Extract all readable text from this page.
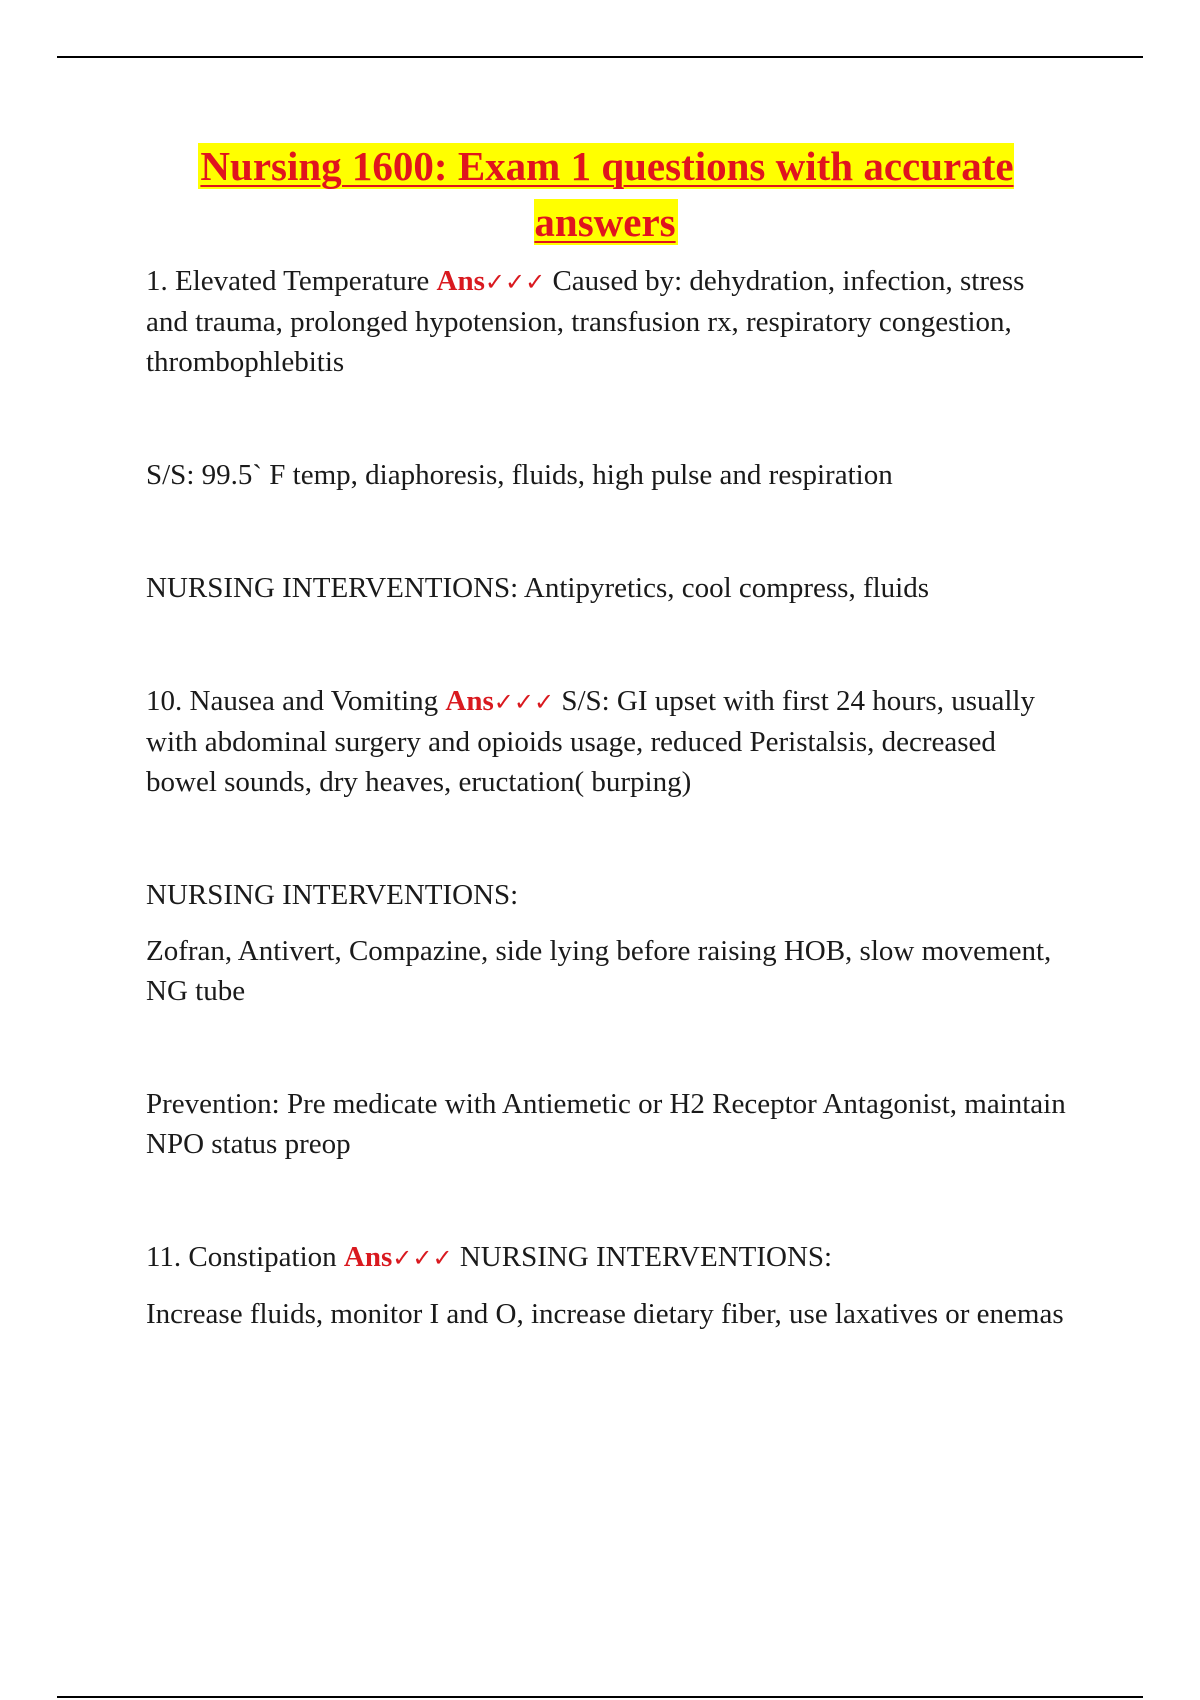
Nursing 1600: Exam 1 questions with accurate answers

1. Elevated Temperature Ans✓✓✓ Caused by: dehydration, infection, stress and trauma, prolonged hypotension, transfusion rx, respiratory congestion, thrombophlebitis

S/S: 99.5` F temp, diaphoresis, fluids, high pulse and respiration

NURSING INTERVENTIONS: Antipyretics, cool compress, fluids

10. Nausea and Vomiting Ans✓✓✓ S/S: GI upset with first 24 hours, usually with abdominal surgery and opioids usage, reduced Peristalsis, decreased bowel sounds, dry heaves, eructation( burping)

NURSING INTERVENTIONS:

Zofran, Antivert, Compazine, side lying before raising HOB, slow movement, NG tube

Prevention: Pre medicate with Antiemetic or H2 Receptor Antagonist, maintain NPO status preop

11. Constipation Ans✓✓✓ NURSING INTERVENTIONS:

Increase fluids, monitor I and O, increase dietary fiber, use laxatives or enemas
